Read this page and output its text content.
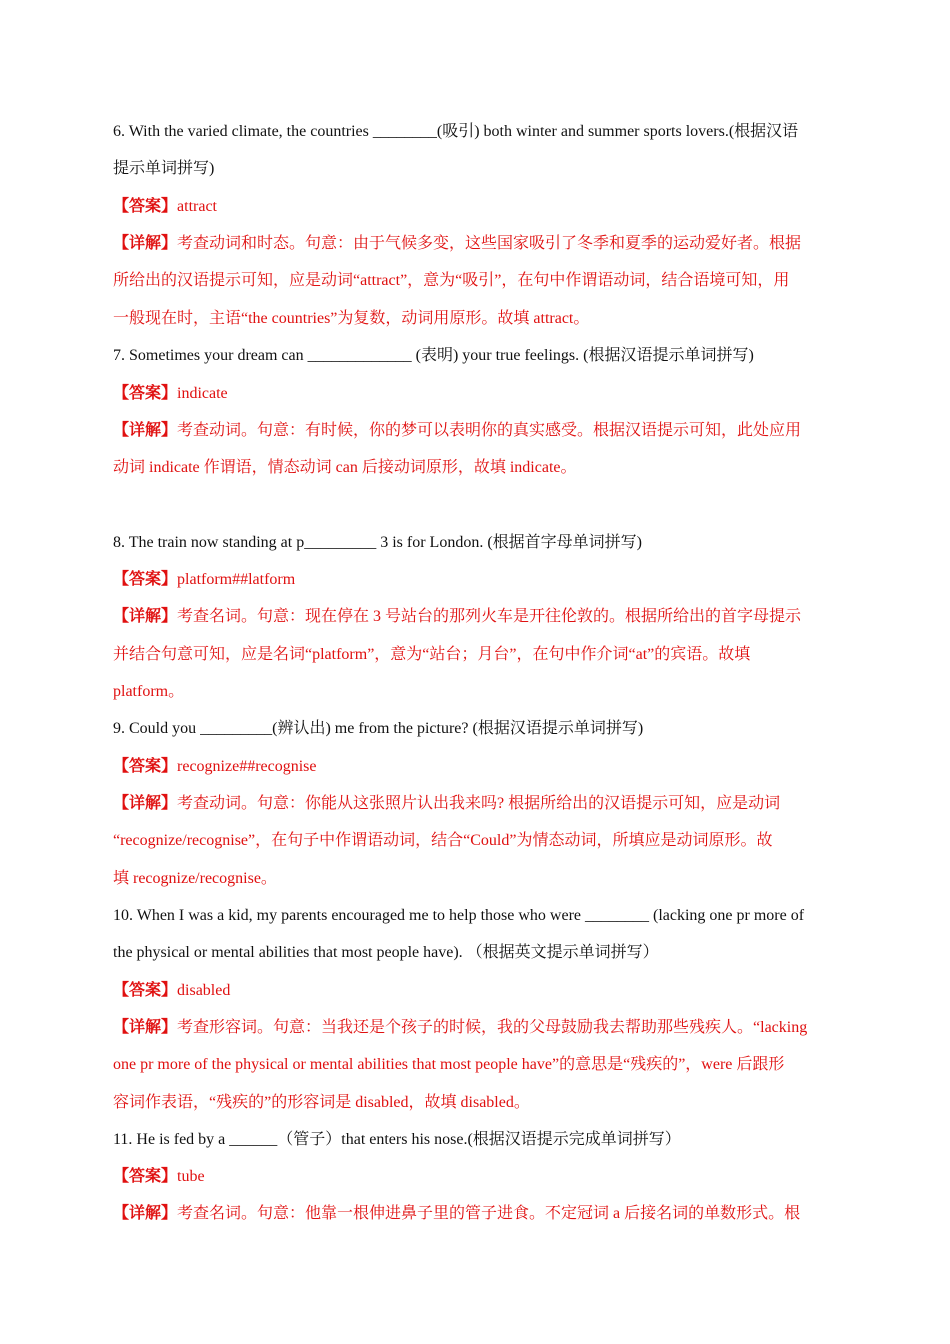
6. With the varied climate, the countries ________(吸引) both winter and summer sports lovers.(根据汉语
提示单词拼写)
【答案】attract
【详解】考查动词和时态。句意：由于气候多变，这些国家吸引了冬季和夏季的运动爱好者。根据
所给出的汉语提示可知，应是动词“attract”，意为“吸引”，在句中作谓语动词，结合语境可知，用
一般现在时，主语“the countries”为复数，动词用原形。故填 attract。
7. Sometimes your dream can _____________ (表明) your true feelings. (根据汉语提示单词拼写)
【答案】indicate
【详解】考查动词。句意：有时候，你的梦可以表明你的真实感受。根据汉语提示可知，此处应用
动词 indicate 作谓语，情态动词 can 后接动词原形，故填 indicate。
8. The train now standing at p_________ 3 is for London. (根据首字母单词拼写)
【答案】platform##latform
【详解】考查名词。句意：现在停在 3 号站台的那列火车是开往伦敦的。根据所给出的首字母提示
并结合句意可知，应是名词“platform”，意为“站台；月台”，在句中作介词“at”的宾语。故填
platform。
9. Could you _________(辨认出) me from the picture? (根据汉语提示单词拼写)
【答案】recognize##recognise
【详解】考查动词。句意：你能从这张照片认出我来吗? 根据所给出的汉语提示可知，应是动词
“recognize/recognise”，在句子中作谓语动词，结合“Could”为情态动词，所填应是动词原形。故
填 recognize/recognise。
10. When I was a kid, my parents encouraged me to help those who were ________ (lacking one pr more of
the physical or mental abilities that most people have). （根据英文提示单词拼写）
【答案】disabled
【详解】考查形容词。句意：当我还是个孩子的时候，我的父母鼓励我去帮助那些残疾人。“lacking
one pr more of the physical or mental abilities that most people have”的意思是“残疾的”，were 后跟形
容词作表语，“残疾的”的形容词是 disabled，故填 disabled。
11. He is fed by a ______（管子）that enters his nose.(根据汉语提示完成单词拼写）
【答案】tube
【详解】考查名词。句意：他靠一根伸进鼻子里的管子进食。不定冠词 a 后接名词的单数形式。根
